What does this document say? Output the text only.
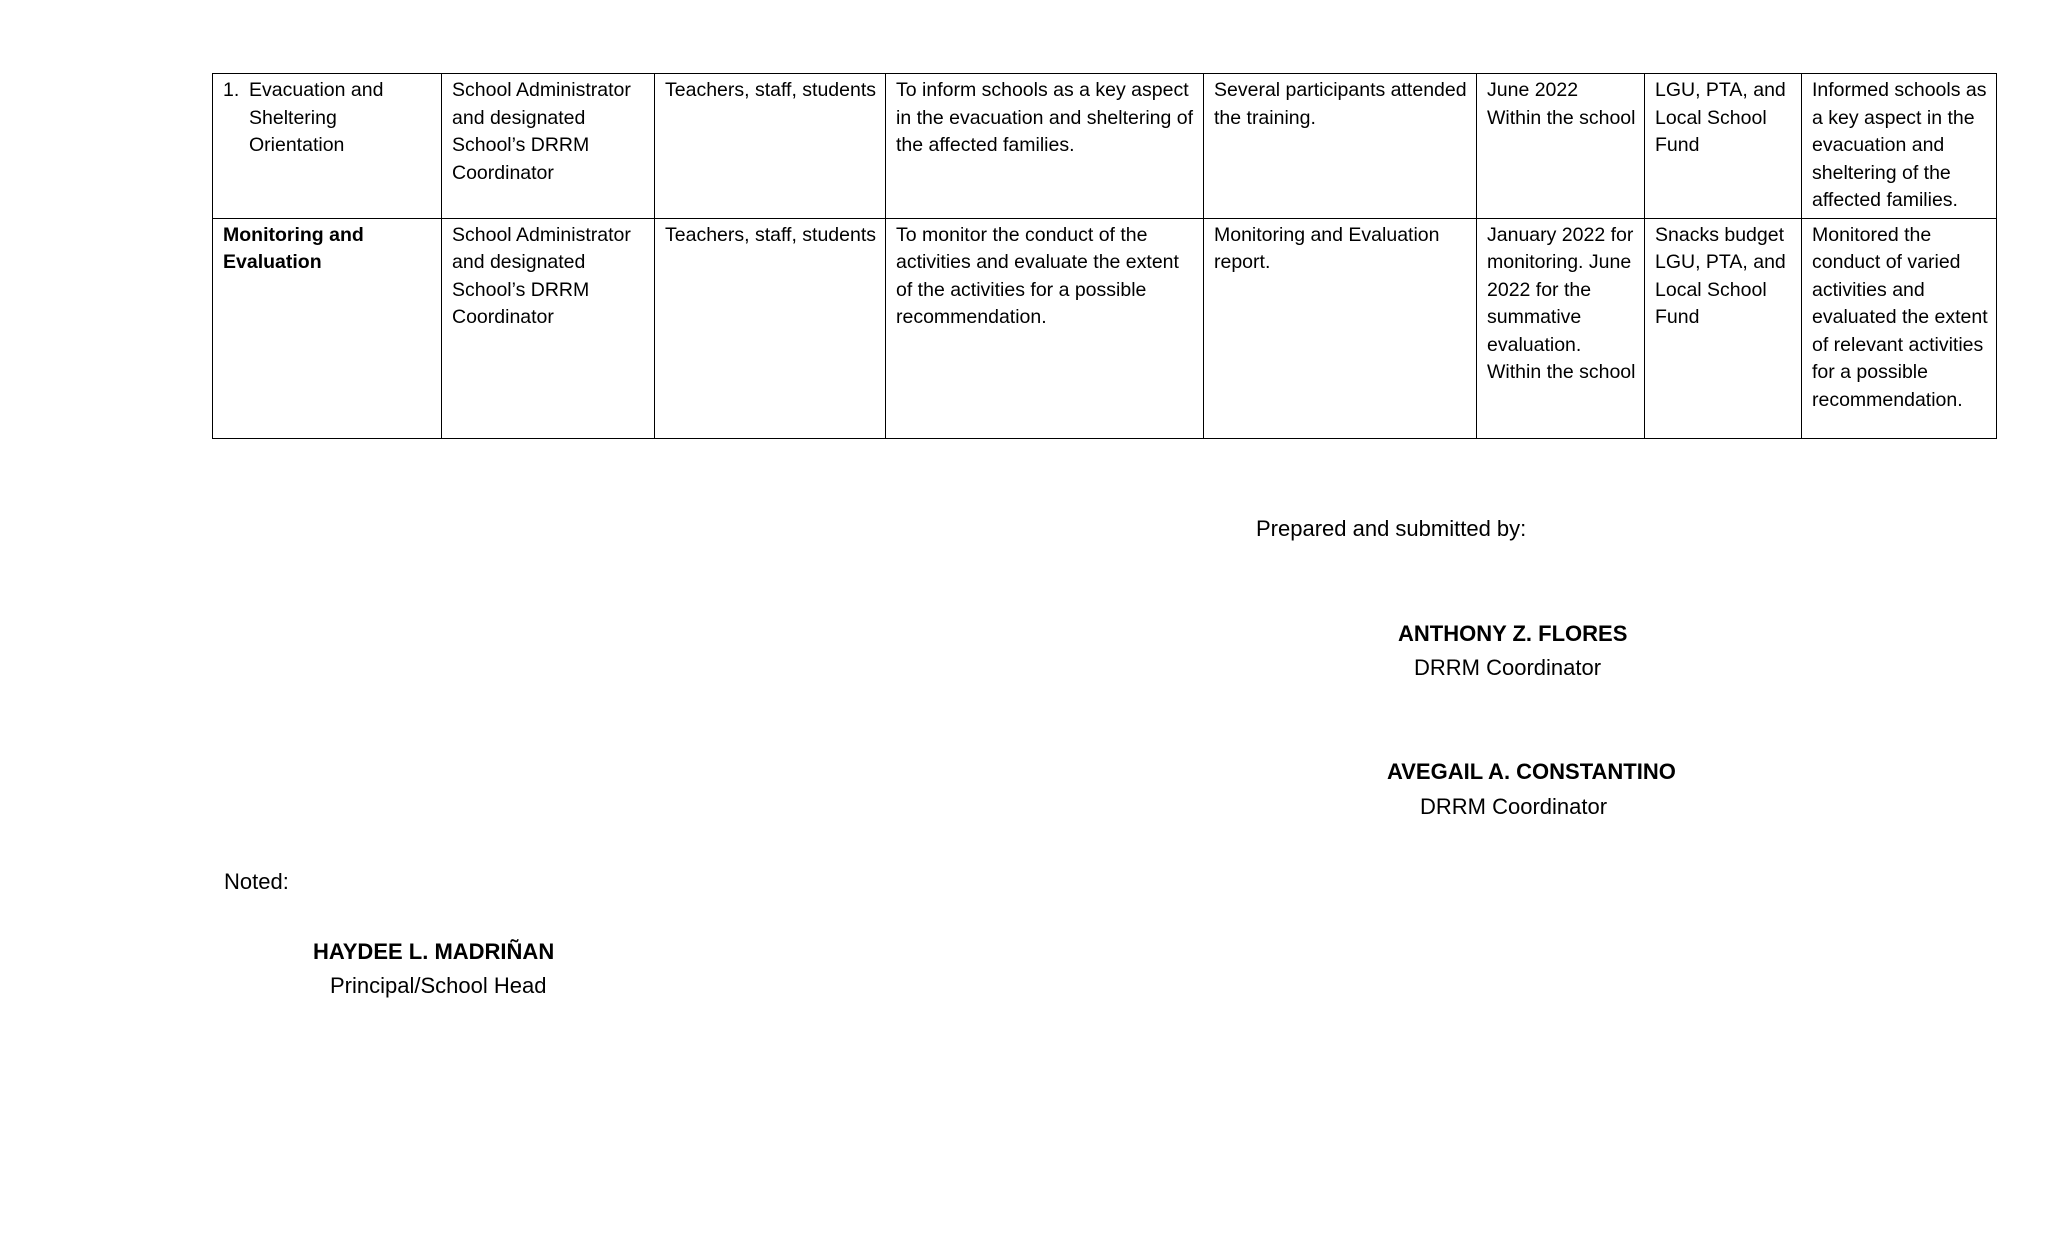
1. Evacuation and Sheltering Orientation	School Administrator and designated School’s DRRM Coordinator	Teachers, staff, students	To inform schools as a key aspect in the evacuation and sheltering of the affected families.	Several participants attended the training.	June 2022 Within the school	LGU, PTA, and Local School Fund	Informed schools as a key aspect in the evacuation and sheltering of the affected families.
Monitoring and Evaluation	School Administrator and designated School’s DRRM Coordinator	Teachers, staff, students	To monitor the conduct of the activities and evaluate the extent of the activities for a possible recommendation.	Monitoring and Evaluation report.	January 2022 for monitoring. June 2022 for the summative evaluation. Within the school	Snacks budget LGU, PTA, and Local School Fund	Monitored the conduct of varied activities and evaluated the extent of relevant activities for a possible recommendation.
Prepared and submitted by:
ANTHONY Z. FLORES
DRRM Coordinator
AVEGAIL A. CONSTANTINO
DRRM Coordinator
Noted:
HAYDEE L. MADRIÑAN
Principal/School Head
